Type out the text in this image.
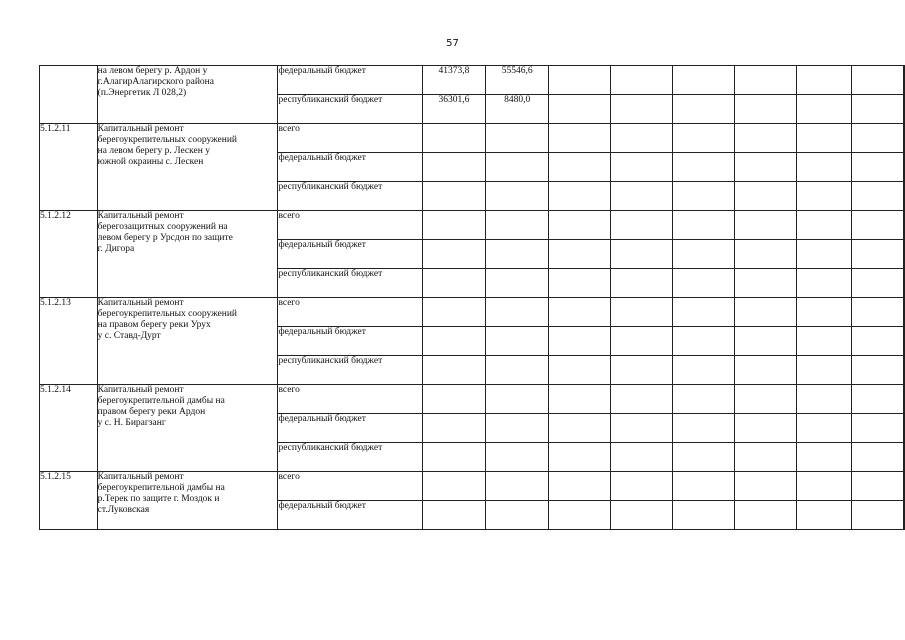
57

	на левом берегу р. Ардон у
г.АлагирАлагирского района
(п.Энергетик Л 028,2)	федеральный бюджет	41373,8	55546,6							
		республиканский бюджет	36301,6	8480,0							
5.1.2.11	Капитальный ремонт
берегоукрепительных сооружений
на левом берегу р. Лескен у
южной окраины с. Лескен	всего									
		федеральный бюджет									
		республиканский бюджет									
5.1.2.12	Капитальный ремонт
берегозащитных сооружений на
левом берегу р Урсдон по защите
г. Дигора	всего									
		федеральный бюджет									
		республиканский бюджет									
5.1.2.13	Капитальный ремонт
берегоукрепительных сооружений
на правом берегу реки Урух
у с. Ставд-Дурт	всего									
		федеральный бюджет									
		республиканский бюджет									
5.1.2.14	Капитальный ремонт
берегоукрепительной дамбы на
правом берегу реки Ардон
у с. Н. Бирагзанг	всего									
		федеральный бюджет									
		республиканский бюджет									
5.1.2.15	Капитальный ремонт
берегоукрепительной дамбы на
р.Терек по защите г. Моздок и
ст.Луковская	всего									
		федеральный бюджет									
